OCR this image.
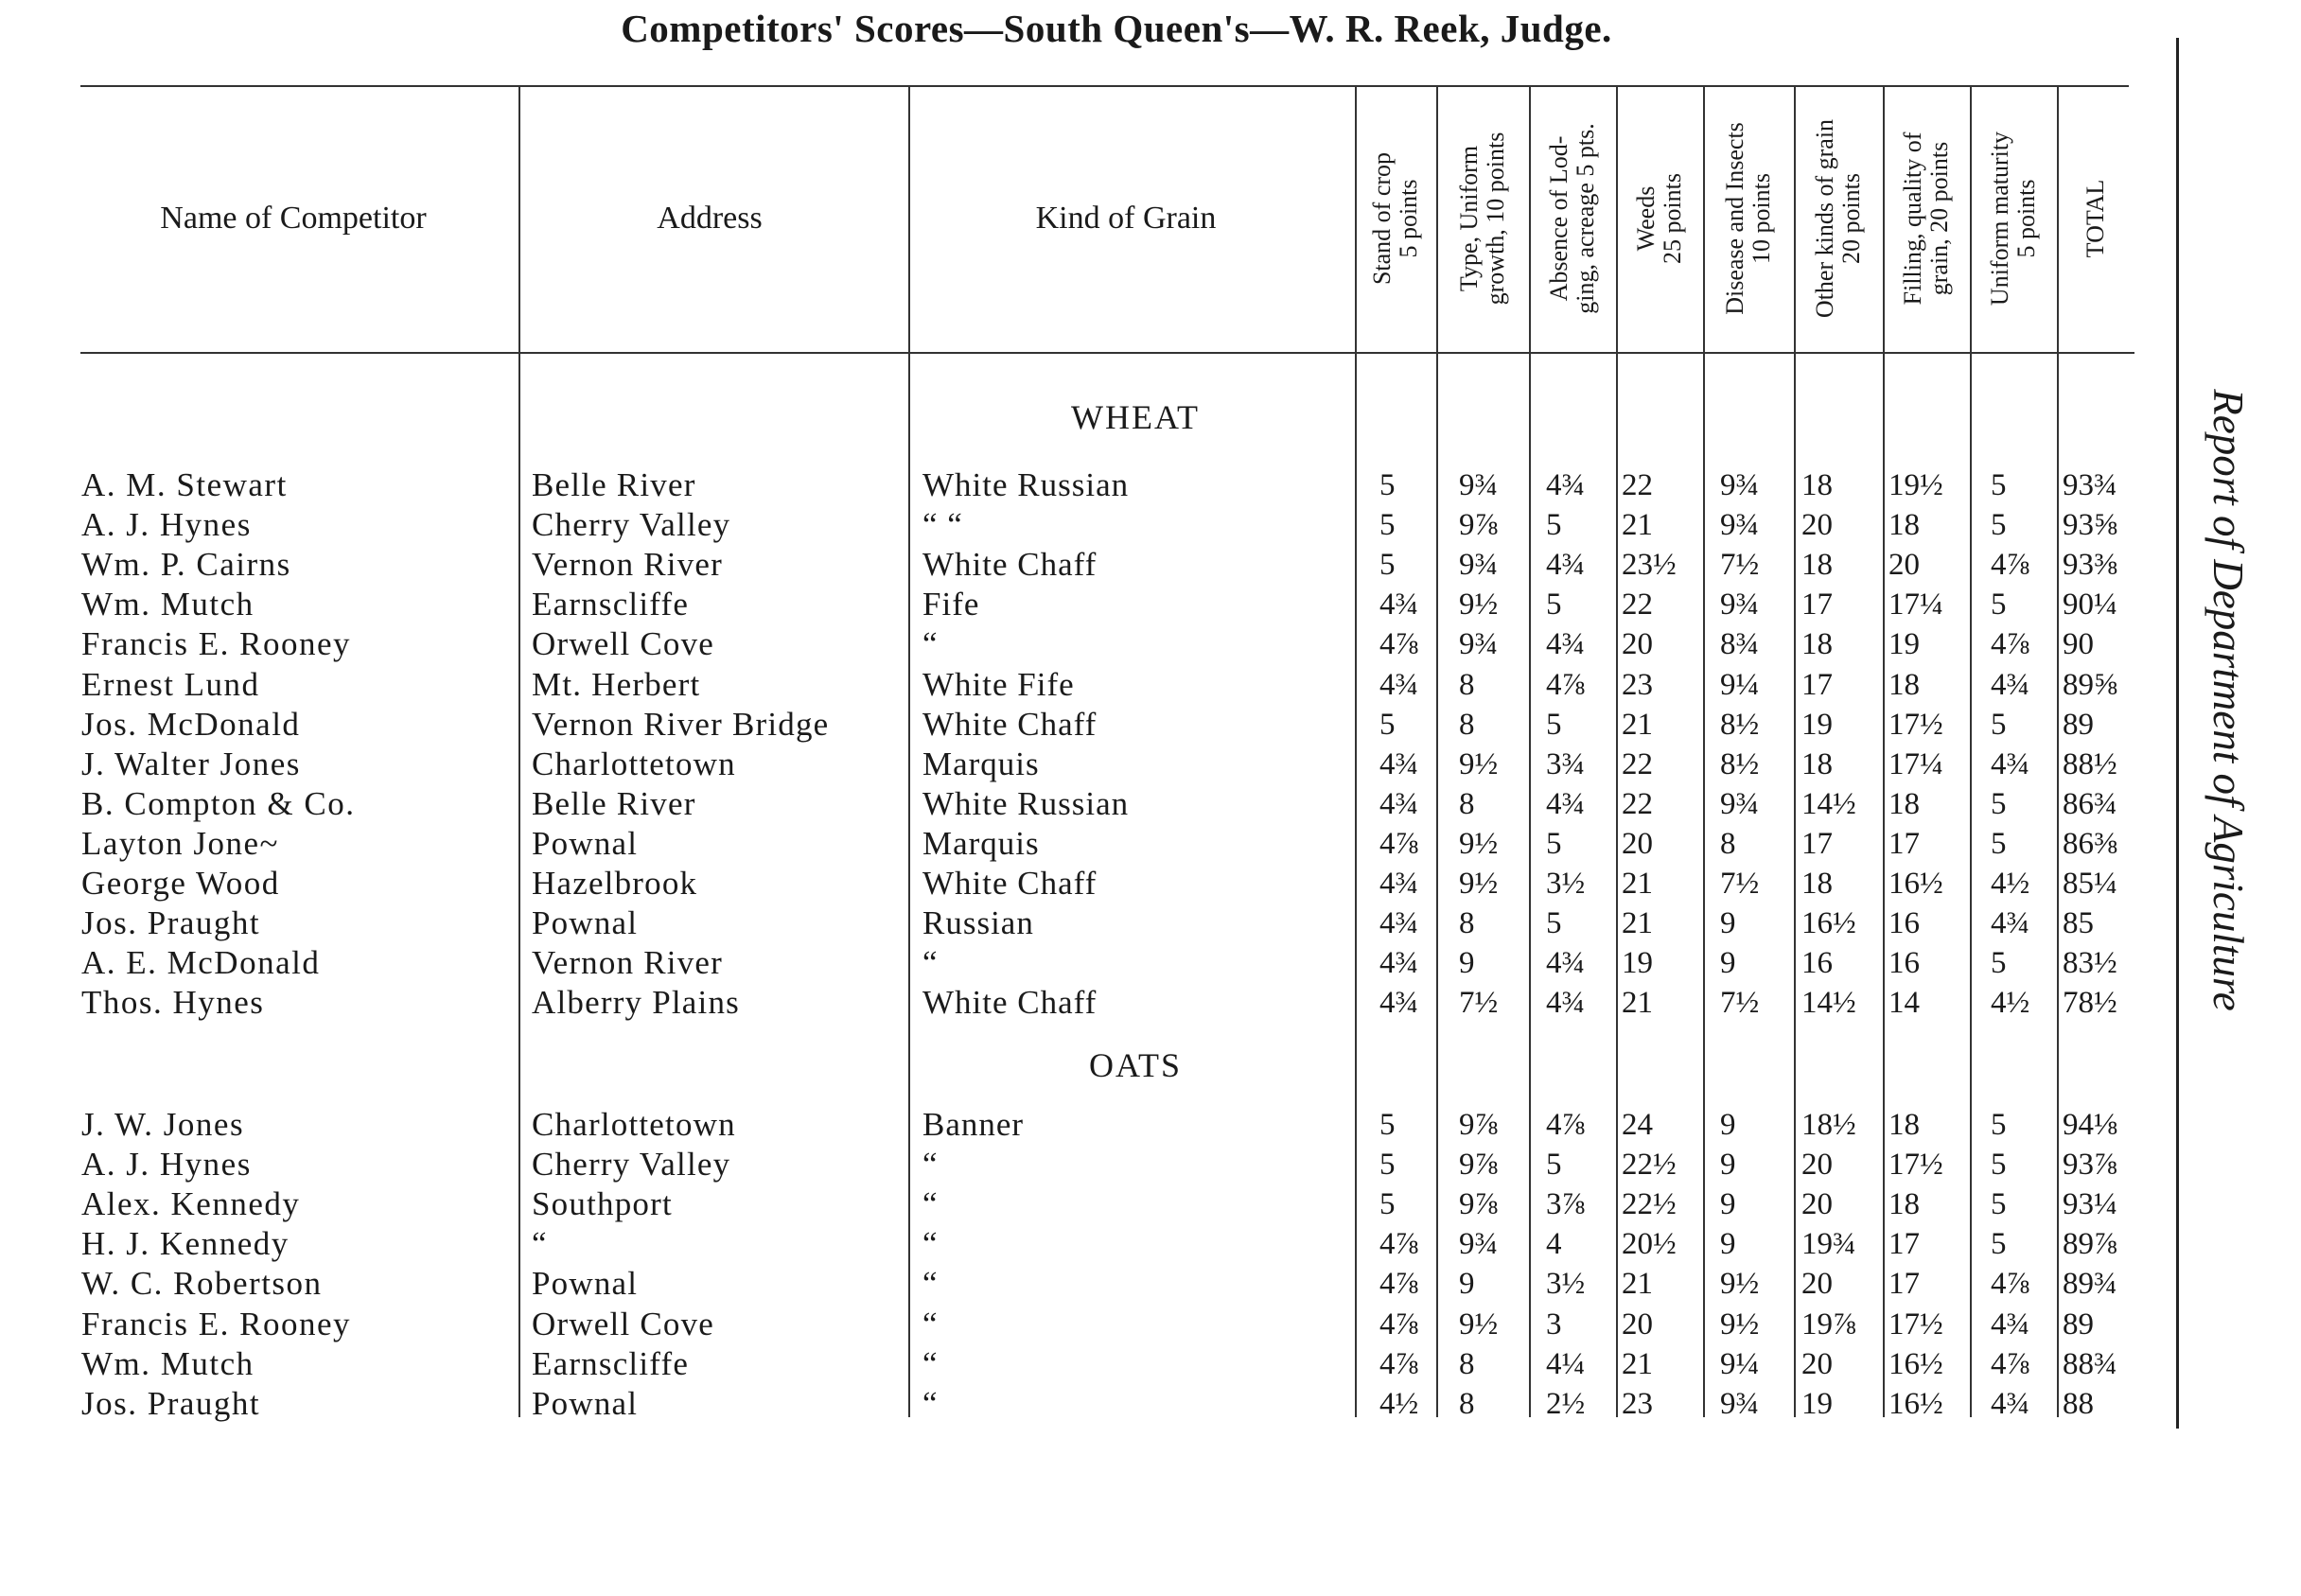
Competitors' Scores—South Queen's—W. R. Reek, Judge.
Report of Department of Agriculture
Name of Competitor	Address	Kind of Grain	Stand of crop 5 points Type, Uniform growth, 10 points Absence of Lod- ging, acreage 5 pts. Weeds 25 points Disease and Insects 10 points Other kinds of grain 20 points Filling, quality of grain, 20 points Uniform maturity 5 points TOTAL
WHEAT
A. M. Stewart	Belle River	White Russian	5 9¾ 4¾ 22 9¾ 18 19½ 5 93¾
A. J. Hynes	Cherry Valley	“ “	5 9⅞ 5 21 9¾ 20 18 5 93⅝
Wm. P. Cairns	Vernon River	White Chaff	5 9¾ 4¾ 23½ 7½ 18 20 4⅞ 93⅜
Wm. Mutch	Earnscliffe	Fife	4¾ 9½ 5 22 9¾ 17 17¼ 5 90¼
Francis E. Rooney	Orwell Cove	“	4⅞ 9¾ 4¾ 20 8¾ 18 19 4⅞ 90
Ernest Lund	Mt. Herbert	White Fife	4¾ 8 4⅞ 23 9¼ 17 18 4¾ 89⅝
Jos. McDonald	Vernon River Bridge	White Chaff	5 8 5 21 8½ 19 17½ 5 89
J. Walter Jones	Charlottetown	Marquis	4¾ 9½ 3¾ 22 8½ 18 17¼ 4¾ 88½
B. Compton & Co.	Belle River	White Russian	4¾ 8 4¾ 22 9¾ 14½ 18 5 86¾
Layton Jone~	Pownal	Marquis	4⅞ 9½ 5 20 8 17 17 5 86⅜
George Wood	Hazelbrook	White Chaff	4¾ 9½ 3½ 21 7½ 18 16½ 4½ 85¼
Jos. Praught	Pownal	Russian	4¾ 8 5 21 9 16½ 16 4¾ 85
A. E. McDonald	Vernon River	“	4¾ 9 4¾ 19 9 16 16 5 83½
Thos. Hynes	Alberry Plains	White Chaff	4¾ 7½ 4¾ 21 7½ 14½ 14 4½ 78½
OATS
J. W. Jones	Charlottetown	Banner	5 9⅞ 4⅞ 24 9 18½ 18 5 94⅛
A. J. Hynes	Cherry Valley	“	5 9⅞ 5 22½ 9 20 17½ 5 93⅞
Alex. Kennedy	Southport	“	5 9⅞ 3⅞ 22½ 9 20 18 5 93¼
H. J. Kennedy	“	“	4⅞ 9¾ 4 20½ 9 19¾ 17 5 89⅞
W. C. Robertson	Pownal	“	4⅞ 9 3½ 21 9½ 20 17 4⅞ 89¾
Francis E. Rooney	Orwell Cove	“	4⅞ 9½ 3 20 9½ 19⅞ 17½ 4¾ 89
Wm. Mutch	Earnscliffe	“	4⅞ 8 4¼ 21 9¼ 20 16½ 4⅞ 88¾
Jos. Praught	Pownal	“	4½ 8 2½ 23 9¾ 19 16½ 4¾ 88
